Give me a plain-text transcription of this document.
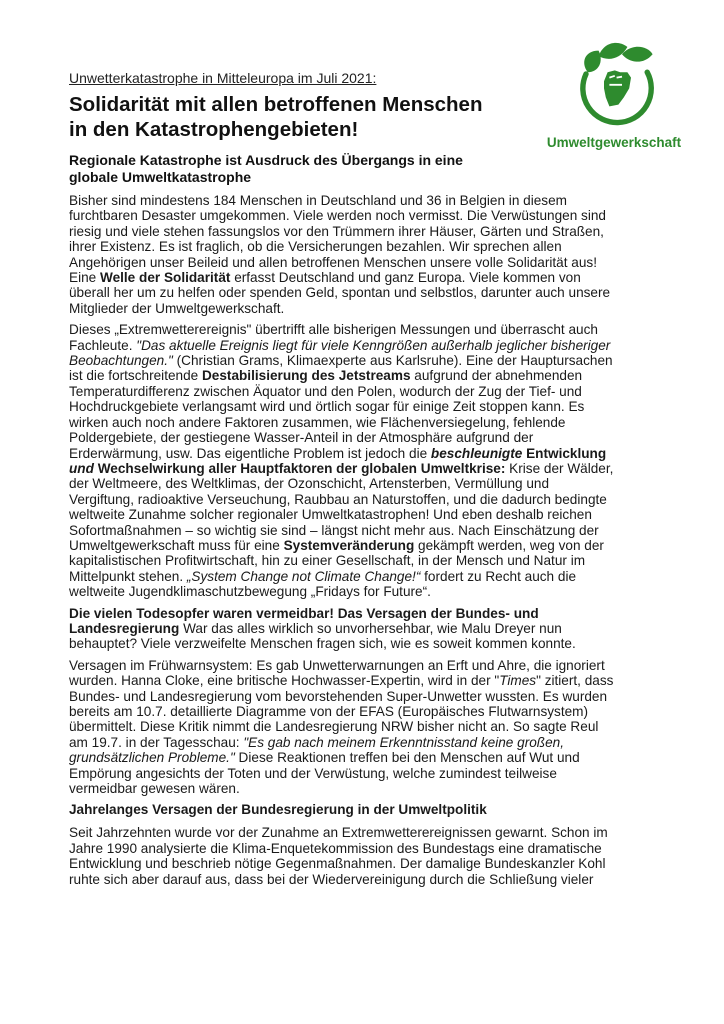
Unwetterkatastrophe in Mitteleuropa im Juli 2021:
Solidarität mit allen betroffenen Menschen
in den Katastrophengebieten!
Regionale Katastrophe ist Ausdruck des Übergangs in eine
globale Umweltkatastrophe
Umweltgewerkschaft

Bisher sind mindestens 184 Menschen in Deutschland und 36 in Belgien in diesem
furchtbaren Desaster umgekommen. Viele werden noch vermisst. Die Verwüstungen sind
riesig und viele stehen fassungslos vor den Trümmern ihrer Häuser, Gärten und Straßen,
ihrer Existenz. Es ist fraglich, ob die Versicherungen bezahlen. Wir sprechen allen
Angehörigen unser Beileid und allen betroffenen Menschen unsere volle Solidarität aus!
Eine Welle der Solidarität erfasst Deutschland und ganz Europa. Viele kommen von
überall her um zu helfen oder spenden Geld, spontan und selbstlos, darunter auch unsere
Mitglieder der Umweltgewerkschaft.

Dieses „Extremwetterereignis" übertrifft alle bisherigen Messungen und überrascht auch
Fachleute. "Das aktuelle Ereignis liegt für viele Kenngrößen außerhalb jeglicher bisheriger
Beobachtungen." (Christian Grams, Klimaexperte aus Karlsruhe). Eine der Hauptursachen
ist die fortschreitende Destabilisierung des Jetstreams aufgrund der abnehmenden
Temperaturdifferenz zwischen Äquator und den Polen, wodurch der Zug der Tief- und
Hochdruckgebiete verlangsamt wird und örtlich sogar für einige Zeit stoppen kann. Es
wirken auch noch andere Faktoren zusammen, wie Flächenversiegelung, fehlende
Poldergebiete, der gestiegene Wasser-Anteil in der Atmosphäre aufgrund der
Erderwärmung, usw. Das eigentliche Problem ist jedoch die beschleunigte Entwicklung
und Wechselwirkung aller Hauptfaktoren der globalen Umweltkrise: Krise der Wälder,
der Weltmeere, des Weltklimas, der Ozonschicht, Artensterben, Vermüllung und
Vergiftung, radioaktive Verseuchung, Raubbau an Naturstoffen, und die dadurch bedingte
weltweite Zunahme solcher regionaler Umweltkatastrophen! Und eben deshalb reichen
Sofortmaßnahmen – so wichtig sie sind – längst nicht mehr aus. Nach Einschätzung der
Umweltgewerkschaft muss für eine Systemveränderung gekämpft werden, weg von der
kapitalistischen Profitwirtschaft, hin zu einer Gesellschaft, in der Mensch und Natur im
Mittelpunkt stehen. „System Change not Climate Change!“ fordert zu Recht auch die
weltweite Jugendklimaschutzbewegung „Fridays for Future“.

Die vielen Todesopfer waren vermeidbar! Das Versagen der Bundes- und
Landesregierung War das alles wirklich so unvorhersehbar, wie Malu Dreyer nun
behauptet? Viele verzweifelte Menschen fragen sich, wie es soweit kommen konnte.

Versagen im Frühwarnsystem: Es gab Unwetterwarnungen an Erft und Ahre, die ignoriert
wurden. Hanna Cloke, eine britische Hochwasser-Expertin, wird in der "Times" zitiert, dass
Bundes- und Landesregierung vom bevorstehenden Super-Unwetter wussten. Es wurden
bereits am 10.7. detaillierte Diagramme von der EFAS (Europäisches Flutwarnsystem)
übermittelt. Diese Kritik nimmt die Landesregierung NRW bisher nicht an. So sagte Reul
am 19.7. in der Tagesschau: "Es gab nach meinem Erkenntnisstand keine großen,
grundsätzlichen Probleme." Diese Reaktionen treffen bei den Menschen auf Wut und
Empörung angesichts der Toten und der Verwüstung, welche zumindest teilweise
vermeidbar gewesen wären.

Jahrelanges Versagen der Bundesregierung in der Umweltpolitik

Seit Jahrzehnten wurde vor der Zunahme an Extremwetterereignissen gewarnt. Schon im
Jahre 1990 analysierte die Klima-Enquetekommission des Bundestags eine dramatische
Entwicklung und beschrieb nötige Gegenmaßnahmen. Der damalige Bundeskanzler Kohl
ruhte sich aber darauf aus, dass bei der Wiedervereinigung durch die Schließung vieler
